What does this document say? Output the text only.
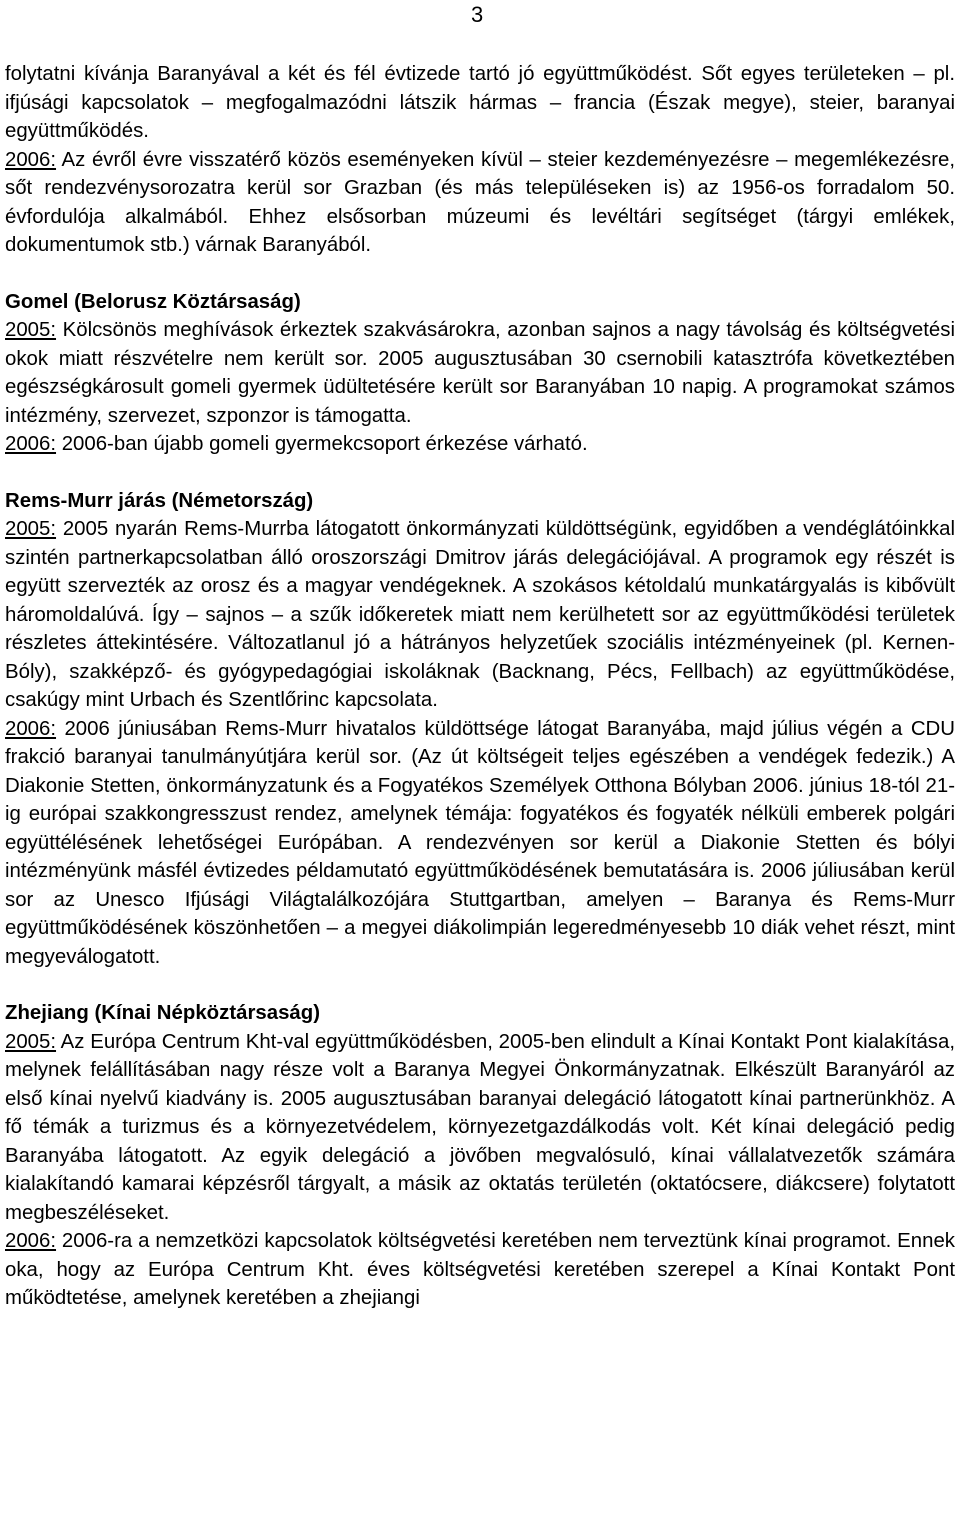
3

folytatni kívánja Baranyával a két és fél évtizede tartó jó együttműködést. Sőt egyes területeken – pl. ifjúsági kapcsolatok – megfogalmazódni látszik hármas – francia (Észak megye), steier, baranyai együttműködés.

2006: Az évről évre visszatérő közös eseményeken kívül – steier kezdeményezésre – megemlékezésre, sőt rendezvénysorozatra kerül sor Grazban (és más településeken is) az 1956-os forradalom 50. évfordulója alkalmából. Ehhez elsősorban múzeumi és levéltári segítséget (tárgyi emlékek, dokumentumok stb.) várnak Baranyából.

Gomel (Belorusz Köztársaság)

2005: Kölcsönös meghívások érkeztek szakvásárokra, azonban sajnos a nagy távolság és költségvetési okok miatt részvételre nem került sor. 2005 augusztusában 30 csernobili katasztrófa következtében egészségkárosult gomeli gyermek üdültetésére került sor Baranyában 10 napig. A programokat számos intézmény, szervezet, szponzor is támogatta.

2006: 2006-ban újabb gomeli gyermekcsoport érkezése várható.

Rems-Murr járás (Németország)

2005: 2005 nyarán Rems-Murrba látogatott önkormányzati küldöttségünk, egyidőben a vendéglátóinkkal szintén partnerkapcsolatban álló oroszországi Dmitrov járás delegációjával. A programok egy részét is együtt szervezték az orosz és a magyar vendégeknek. A szokásos kétoldalú munkatárgyalás is kibővült háromoldalúvá. Így – sajnos – a szűk időkeretek miatt nem kerülhetett sor az együttműködési területek részletes áttekintésére. Változatlanul jó a hátrányos helyzetűek szociális intézményeinek (pl. Kernen-Bóly), szakképző- és gyógypedagógiai iskoláknak (Backnang, Pécs, Fellbach) az együttműködése, csakúgy mint Urbach és Szentlőrinc kapcsolata.

2006: 2006 júniusában Rems-Murr hivatalos küldöttsége látogat Baranyába, majd július végén a CDU frakció baranyai tanulmányútjára kerül sor. (Az út költségeit teljes egészében a vendégek fedezik.) A Diakonie Stetten, önkormányzatunk és a Fogyatékos Személyek Otthona Bólyban 2006. június 18-tól 21-ig európai szakkongresszust rendez, amelynek témája: fogyatékos és fogyaték nélküli emberek polgári együttélésének lehetőségei Európában. A rendezvényen sor kerül a Diakonie Stetten és bólyi intézményünk másfél évtizedes példamutató együttműködésének bemutatására is. 2006 júliusában kerül sor az Unesco Ifjúsági Világtalálkozójára Stuttgartban, amelyen – Baranya és Rems-Murr együttműködésének köszönhetően – a megyei diákolimpián legeredményesebb 10 diák vehet részt, mint megyeválogatott.

Zhejiang (Kínai Népköztársaság)

2005: Az Európa Centrum Kht-val együttműködésben, 2005-ben elindult a Kínai Kontakt Pont kialakítása, melynek felállításában nagy része volt a Baranya Megyei Önkormányzatnak. Elkészült Baranyáról az első kínai nyelvű kiadvány is. 2005 augusztusában baranyai delegáció látogatott kínai partnerünkhöz. A fő témák a turizmus és a környezetvédelem, környezetgazdálkodás volt. Két kínai delegáció pedig Baranyába látogatott. Az egyik delegáció a jövőben megvalósuló, kínai vállalatvezetők számára kialakítandó kamarai képzésről tárgyalt, a másik az oktatás területén (oktatócsere, diákcsere) folytatott megbeszéléseket.

2006: 2006-ra a nemzetközi kapcsolatok költségvetési keretében nem terveztünk kínai programot. Ennek oka, hogy az Európa Centrum Kht. éves költségvetési keretében szerepel a Kínai Kontakt Pont működtetése, amelynek keretében a zhejiangi
